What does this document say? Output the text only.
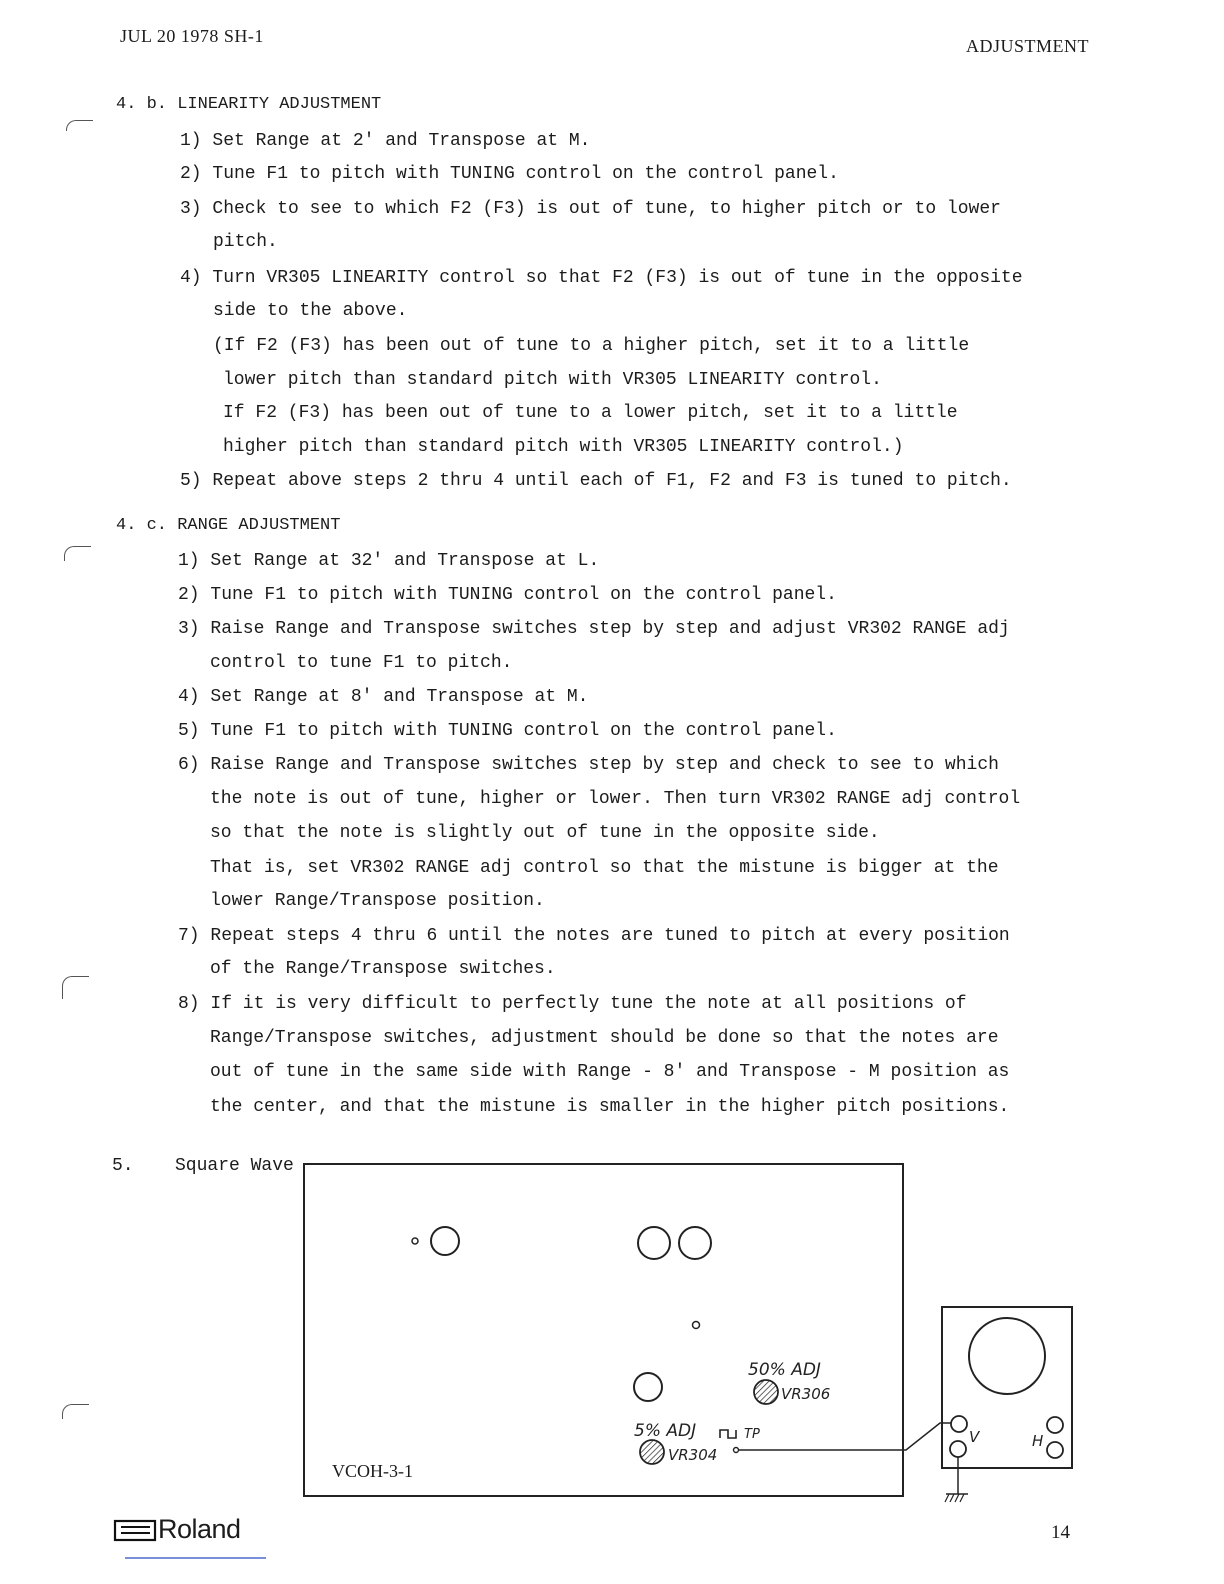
JUL 20 1978 SH-1	ADJUSTMENT
4. b. LINEARITY ADJUSTMENT
1) Set Range at 2' and Transpose at M.
2) Tune F1 to pitch with TUNING control on the control panel.
3) Check to see to which F2 (F3) is out of tune, to higher pitch or to lower
pitch.
4) Turn VR305 LINEARITY control so that F2 (F3) is out of tune in the opposite
side to the above.
(If F2 (F3) has been out of tune to a higher pitch, set it to a little
lower pitch than standard pitch with VR305 LINEARITY control.
If F2 (F3) has been out of tune to a lower pitch, set it to a little
higher pitch than standard pitch with VR305 LINEARITY control.)
5) Repeat above steps 2 thru 4 until each of F1, F2 and F3 is tuned to pitch.
4. c. RANGE ADJUSTMENT
1) Set Range at 32' and Transpose at L.
2) Tune F1 to pitch with TUNING control on the control panel.
3) Raise Range and Transpose switches step by step and adjust VR302 RANGE adj
control to tune F1 to pitch.
4) Set Range at 8' and Transpose at M.
5) Tune F1 to pitch with TUNING control on the control panel.
6) Raise Range and Transpose switches step by step and check to see to which
the note is out of tune, higher or lower. Then turn VR302 RANGE adj control
so that the note is slightly out of tune in the opposite side.
That is, set VR302 RANGE adj control so that the mistune is bigger at the
lower Range/Transpose position.
7) Repeat steps 4 thru 6 until the notes are tuned to pitch at every position
of the Range/Transpose switches.
8) If it is very difficult to perfectly tune the note at all positions of
Range/Transpose switches, adjustment should be done so that the notes are
out of tune in the same side with Range - 8' and Transpose - M position as
the center, and that the mistune is smaller in the higher pitch positions.
5. Square Wave
50% ADJ
VR306
5% ADJ
VR304
TP	V	H
VCOH-3-1
Roland	14
